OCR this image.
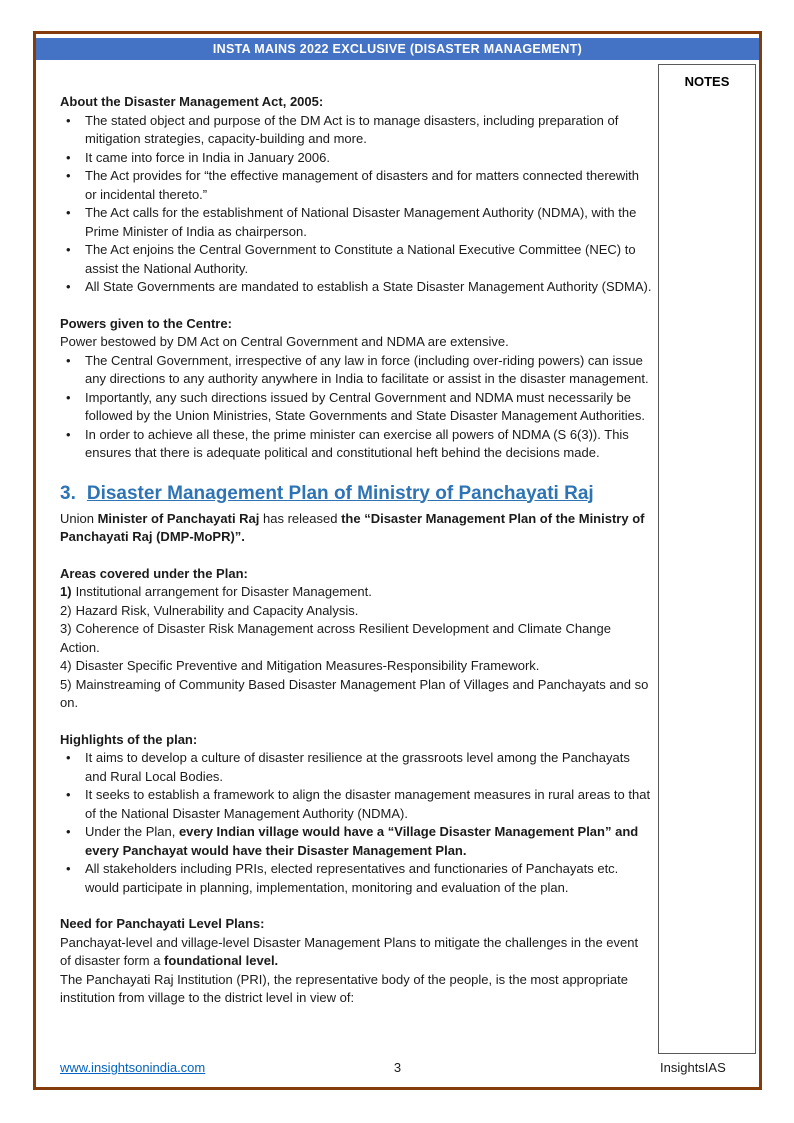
INSTA MAINS 2022 EXCLUSIVE (DISASTER MANAGEMENT)
NOTES

About the Disaster Management Act, 2005:

• The stated object and purpose of the DM Act is to manage disasters, including preparation of mitigation strategies, capacity-building and more.
• It came into force in India in January 2006.
• The Act provides for “the effective management of disasters and for matters connected therewith or incidental thereto.”
• The Act calls for the establishment of National Disaster Management Authority (NDMA), with the Prime Minister of India as chairperson.
• The Act enjoins the Central Government to Constitute a National Executive Committee (NEC) to assist the National Authority.
• All State Governments are mandated to establish a State Disaster Management Authority (SDMA).

Powers given to the Centre:

Power bestowed by DM Act on Central Government and NDMA are extensive.

• The Central Government, irrespective of any law in force (including over-riding powers) can issue any directions to any authority anywhere in India to facilitate or assist in the disaster management.
• Importantly, any such directions issued by Central Government and NDMA must necessarily be followed by the Union Ministries, State Governments and State Disaster Management Authorities.
• In order to achieve all these, the prime minister can exercise all powers of NDMA (S 6(3)). This ensures that there is adequate political and constitutional heft behind the decisions made.

3. Disaster Management Plan of Ministry of Panchayati Raj

Union Minister of Panchayati Raj has released the “Disaster Management Plan of the Ministry of Panchayati Raj (DMP-MoPR)”.

Areas covered under the Plan:

1) Institutional arrangement for Disaster Management.

2) Hazard Risk, Vulnerability and Capacity Analysis.

3) Coherence of Disaster Risk Management across Resilient Development and Climate Change Action.

4) Disaster Specific Preventive and Mitigation Measures-Responsibility Framework.

5) Mainstreaming of Community Based Disaster Management Plan of Villages and Panchayats and so on.

Highlights of the plan:

• It aims to develop a culture of disaster resilience at the grassroots level among the Panchayats and Rural Local Bodies.
• It seeks to establish a framework to align the disaster management measures in rural areas to that of the National Disaster Management Authority (NDMA).
• Under the Plan, every Indian village would have a “Village Disaster Management Plan” and every Panchayat would have their Disaster Management Plan.
• All stakeholders including PRIs, elected representatives and functionaries of Panchayats etc. would participate in planning, implementation, monitoring and evaluation of the plan.

Need for Panchayati Level Plans:

Panchayat-level and village-level Disaster Management Plans to mitigate the challenges in the event of disaster form a foundational level.

The Panchayati Raj Institution (PRI), the representative body of the people, is the most appropriate institution from village to the district level in view of:

3
www.insightsonindia.com	InsightsIAS
